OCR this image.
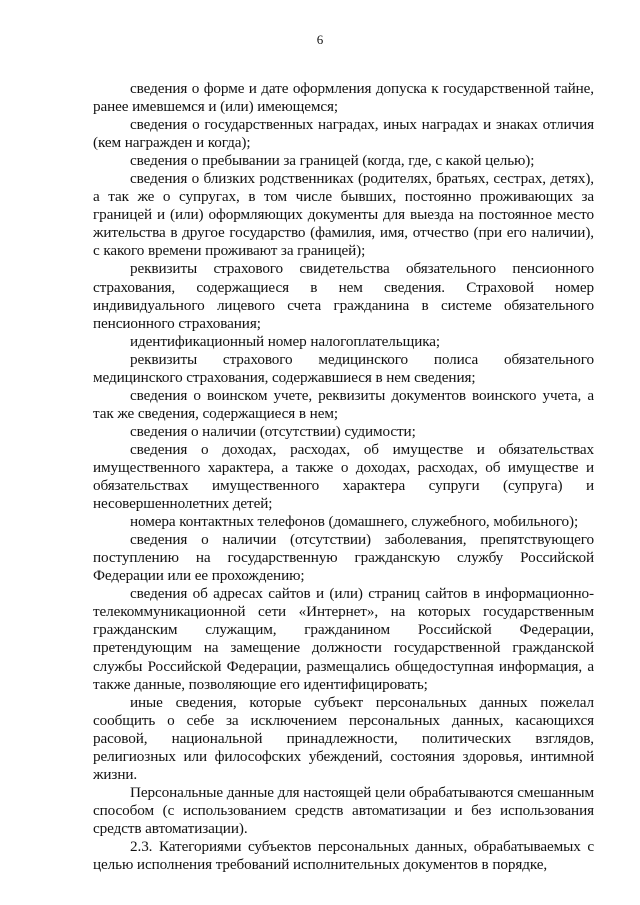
6

сведения о форме и дате оформления допуска к государственной тайне, ранее имевшемся и (или) имеющемся;

сведения о государственных наградах, иных наградах и знаках отличия (кем награжден и когда);

сведения о пребывании за границей (когда, где, с какой целью);

сведения о близких родственниках (родителях, братьях, сестрах, детях), а так же о супругах, в том числе бывших, постоянно проживающих за границей и (или) оформляющих документы для выезда на постоянное место жительства в другое государство (фамилия, имя, отчество (при его наличии), с какого времени проживают за границей);

реквизиты страхового свидетельства обязательного пенсионного страхования, содержащиеся в нем сведения. Страховой номер индивидуального лицевого счета гражданина в системе обязательного пенсионного страхования;

идентификационный номер налогоплательщика;

реквизиты страхового медицинского полиса обязательного медицинского страхования, содержавшиеся в нем сведения;

сведения о воинском учете, реквизиты документов воинского учета, а так же сведения, содержащиеся в нем;

сведения о наличии (отсутствии) судимости;

сведения о доходах, расходах, об имуществе и обязательствах имущественного характера, а также о доходах, расходах, об имуществе и обязательствах имущественного характера супруги (супруга) и несовершеннолетних детей;

номера контактных телефонов (домашнего, служебного, мобильного);

сведения о наличии (отсутствии) заболевания, препятствующего поступлению на государственную гражданскую службу Российской Федерации или ее прохождению;

сведения об адресах сайтов и (или) страниц сайтов в информационно-телекоммуникационной сети «Интернет», на которых государственным гражданским служащим, гражданином Российской Федерации, претендующим на замещение должности государственной гражданской службы Российской Федерации, размещались общедоступная информация, а также данные, позволяющие его идентифицировать;

иные сведения, которые субъект персональных данных пожелал сообщить о себе за исключением персональных данных, касающихся расовой, национальной принадлежности, политических взглядов, религиозных или философских убеждений, состояния здоровья, интимной жизни.

Персональные данные для настоящей цели обрабатываются смешанным способом (с использованием средств автоматизации и без использования средств автоматизации).

2.3. Категориями субъектов персональных данных, обрабатываемых с целью исполнения требований исполнительных документов в порядке,
